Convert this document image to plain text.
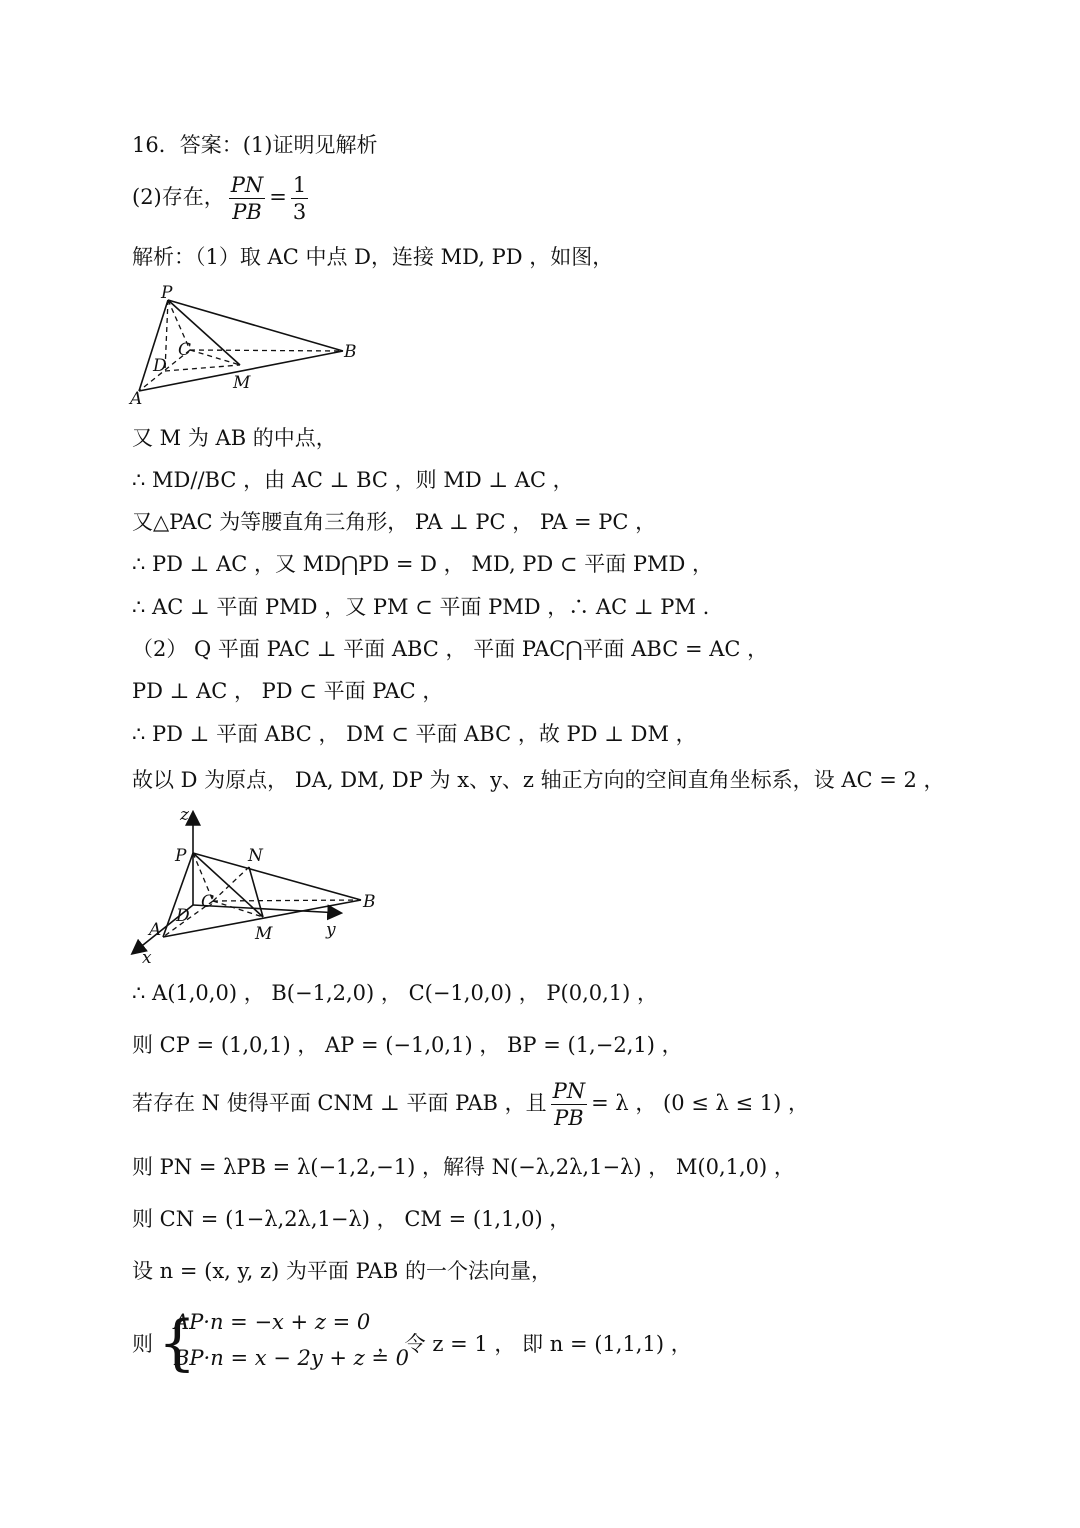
16．答案：(1)证明见解析
(2)存在， $\frac{PN}{PB} = \frac{1}{3}$
解析：（1）取 AC 中点 D，连接 MD, PD ，如图，
P
C
D
M
B
A
又 M 为 AB 的中点，
∴ MD//BC ，由 AC ⊥ BC ，则 MD ⊥ AC ，
又△PAC 为等腰直角三角形， PA ⊥ PC ， PA = PC ，
∴ PD ⊥ AC ，又 MD⋂PD = D ， MD, PD ⊂ 平面 PMD ，
∴ AC ⊥ 平面 PMD ，又 PM ⊂ 平面 PMD ，∴ AC ⊥ PM .
（2） Q 平面 PAC ⊥ 平面 ABC ， 平面 PAC⋂平面 ABC = AC ，
PD ⊥ AC ， PD ⊂ 平面 PAC ，
∴ PD ⊥ 平面 ABC ， DM ⊂ 平面 ABC ，故 PD ⊥ DM ，
故以 D 为原点， DA, DM, DP 为 x、y、z 轴正方向的空间直角坐标系，设 AC = 2 ，
z
P	N
C
D
A	M	y
B
x
∴ A(1,0,0) ， B(−1,2,0) ， C(−1,0,0) ， P(0,0,1) ，
则 CP = (1,0,1) ， AP = (−1,0,1) ， BP = (1,−2,1) ，
若存在 N 使得平面 CNM ⊥ 平面 PAB ，且 $\frac{PN}{PB} = \lambda$ ， (0 ≤ λ ≤ 1) ，
则 PN = λPB = λ(−1,2,−1) ，解得 N(−λ,2λ,1−λ) ， M(0,1,0) ，
则 CN = (1−λ,2λ,1−λ) ， CM = (1,1,0) ，
设 n = (x, y, z) 为平面 PAB 的一个法向量，
则 {
AP·n = −x + z = 0
BP·n = x − 2y + z = 0
， 令 z = 1 ， 即 n = (1,1,1) ，
